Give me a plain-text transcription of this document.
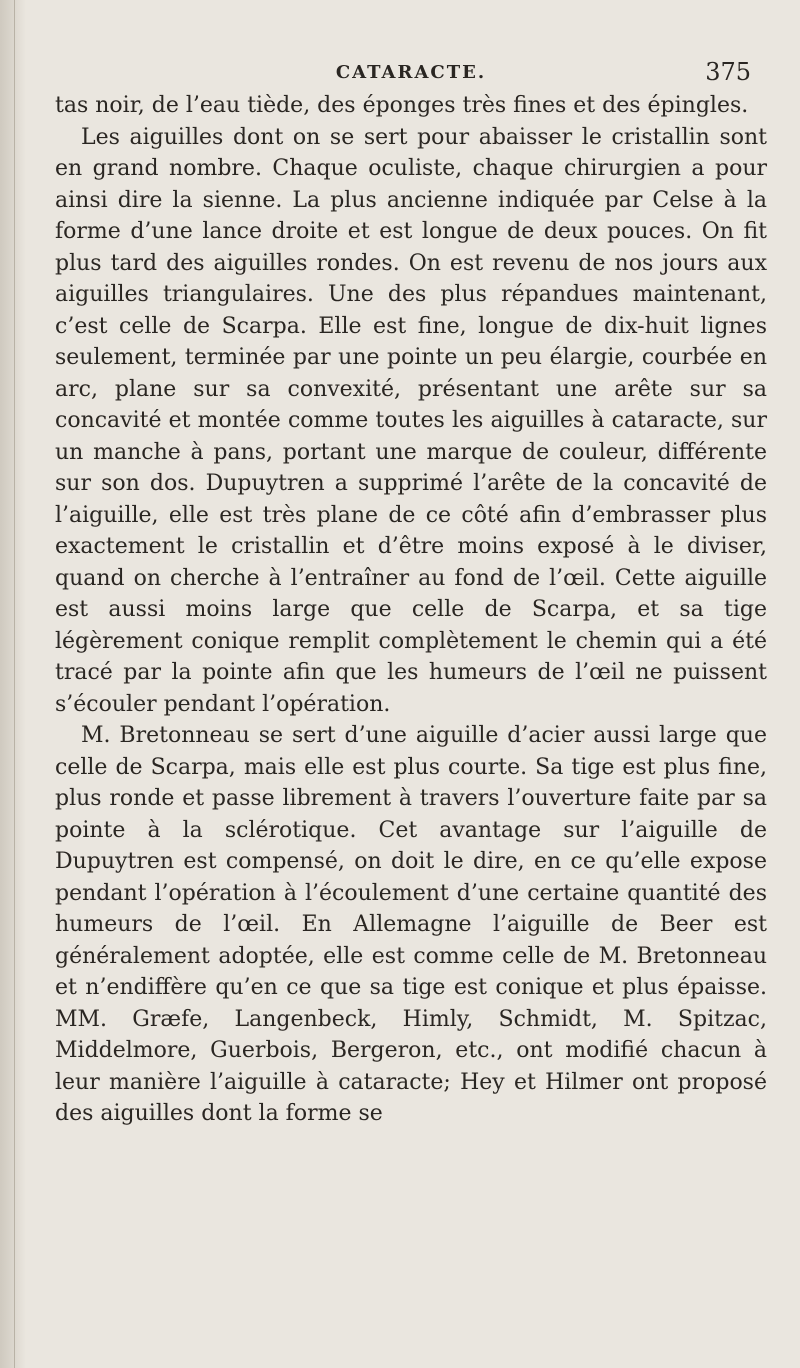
CATARACTE.	375

tas noir, de l’eau tiède, des éponges très fines et des épingles.

Les aiguilles dont on se sert pour abaisser le cristallin sont en grand nombre. Chaque oculiste, chaque chirurgien a pour ainsi dire la sienne. La plus ancienne indiquée par Celse à la forme d’une lance droite et est longue de deux pouces. On fit plus tard des aiguilles rondes. On est revenu de nos jours aux aiguilles triangulaires. Une des plus répandues maintenant, c’est celle de Scarpa. Elle est fine, longue de dix-huit lignes seulement, terminée par une pointe un peu élargie, courbée en arc, plane sur sa convexité, présentant une arête sur sa concavité et montée comme toutes les aiguilles à cataracte, sur un manche à pans, portant une marque de couleur, différente sur son dos. Dupuytren a supprimé l’arête de la concavité de l’aiguille, elle est très plane de ce côté afin d’embrasser plus exactement le cristallin et d’être moins exposé à le diviser, quand on cherche à l’entraîner au fond de l’œil. Cette aiguille est aussi moins large que celle de Scarpa, et sa tige légèrement conique remplit complètement le chemin qui a été tracé par la pointe afin que les humeurs de l’œil ne puissent s’écouler pendant l’opération.

M. Bretonneau se sert d’une aiguille d’acier aussi large que celle de Scarpa, mais elle est plus courte. Sa tige est plus fine, plus ronde et passe librement à travers l’ouverture faite par sa pointe à la sclérotique. Cet avantage sur l’aiguille de Dupuytren est compensé, on doit le dire, en ce qu’elle expose pendant l’opération à l’écoulement d’une certaine quantité des humeurs de l’œil. En Allemagne l’aiguille de Beer est généralement adoptée, elle est comme celle de M. Bretonneau et n’endiffère qu’en ce que sa tige est conique et plus épaisse. MM. Græfe, Langenbeck, Himly, Schmidt, M. Spitzac, Middelmore, Guerbois, Bergeron, etc., ont modifié chacun à leur manière l’aiguille à cataracte; Hey et Hilmer ont proposé des aiguilles dont la forme se
